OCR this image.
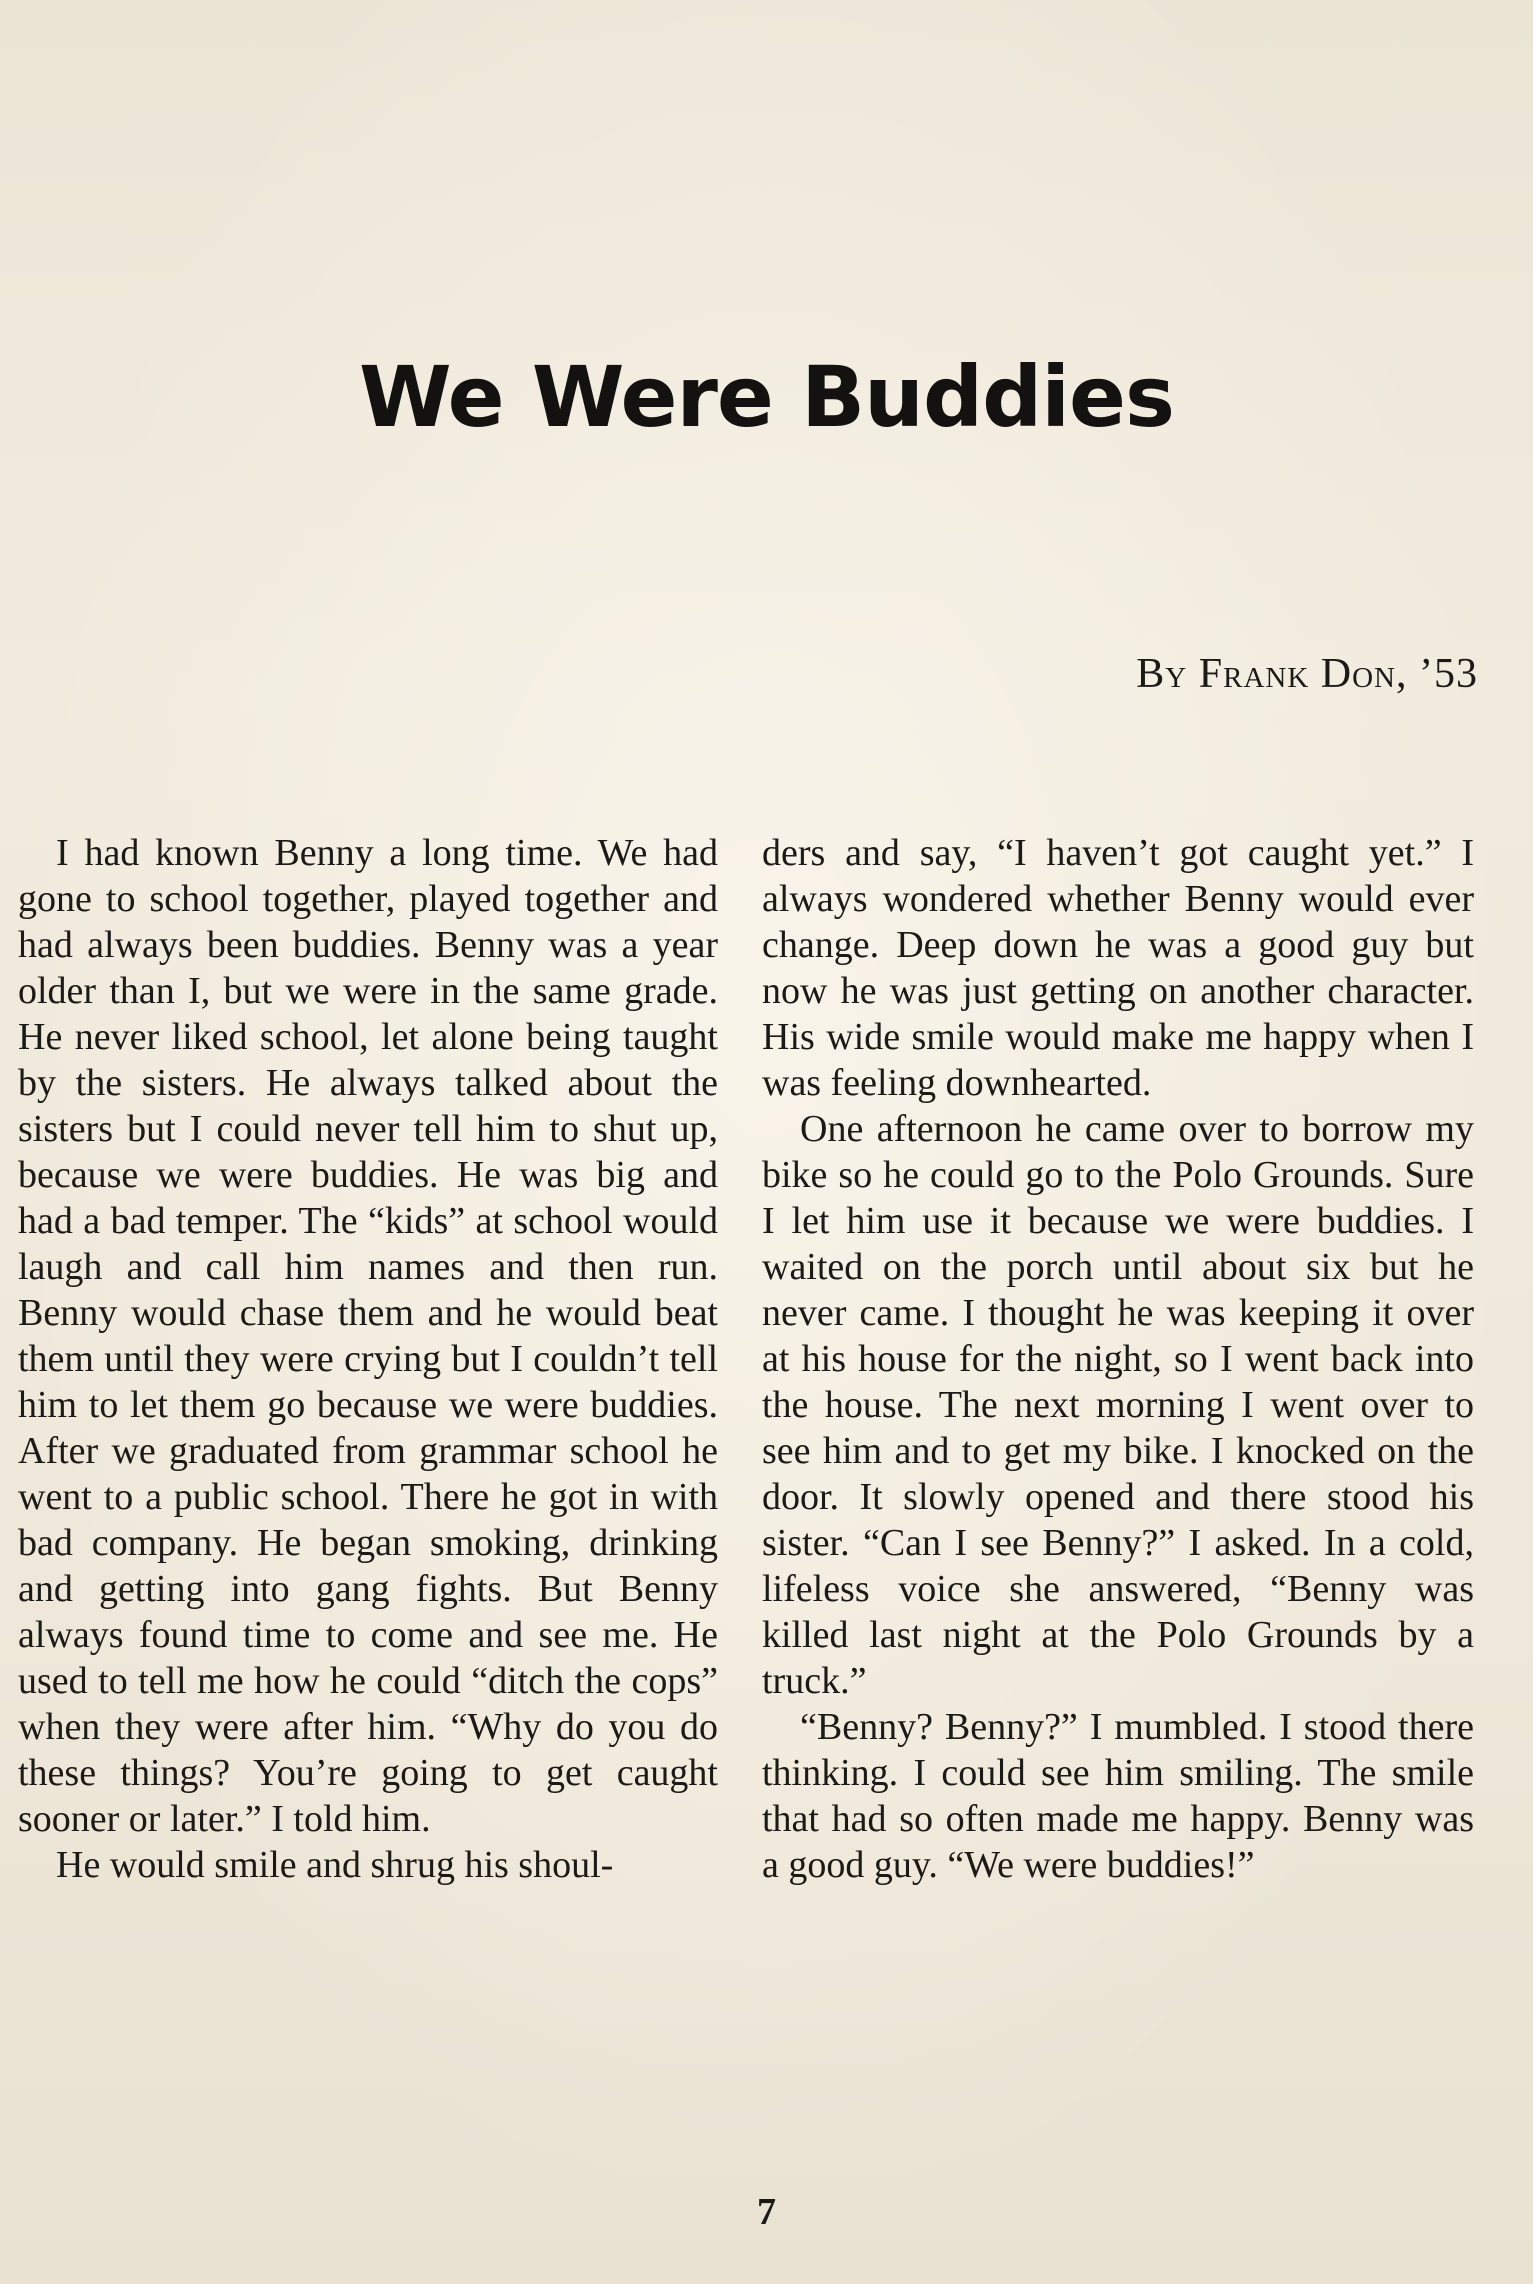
We Were Buddies

By Frank Don, ’53

I had known Benny a long time. We had gone to school together, played together and had always been buddies. Benny was a year older than I, but we were in the same grade. He never liked school, let alone being taught by the sisters. He always talked about the sisters but I could never tell him to shut up, because we were buddies. He was big and had a bad temper. The “kids” at school would laugh and call him names and then run. Benny would chase them and he would beat them until they were crying but I couldn’t tell him to let them go because we were buddies. After we graduated from grammar school he went to a public school. There he got in with bad company. He began smoking, drinking and getting into gang fights. But Benny always found time to come and see me. He used to tell me how he could “ditch the cops” when they were after him. “Why do you do these things? You’re going to get caught sooner or later.” I told him.

He would smile and shrug his shoul-

ders and say, “I haven’t got caught yet.” I always wondered whether Benny would ever change. Deep down he was a good guy but now he was just getting on another character. His wide smile would make me happy when I was feeling downhearted.

One afternoon he came over to borrow my bike so he could go to the Polo Grounds. Sure I let him use it because we were buddies. I waited on the porch until about six but he never came. I thought he was keeping it over at his house for the night, so I went back into the house. The next morning I went over to see him and to get my bike. I knocked on the door. It slowly opened and there stood his sister. “Can I see Benny?” I asked. In a cold, lifeless voice she answered, “Benny was killed last night at the Polo Grounds by a truck.”

“Benny? Benny?” I mumbled. I stood there thinking. I could see him smiling. The smile that had so often made me happy. Benny was a good guy. “We were buddies!”

7
